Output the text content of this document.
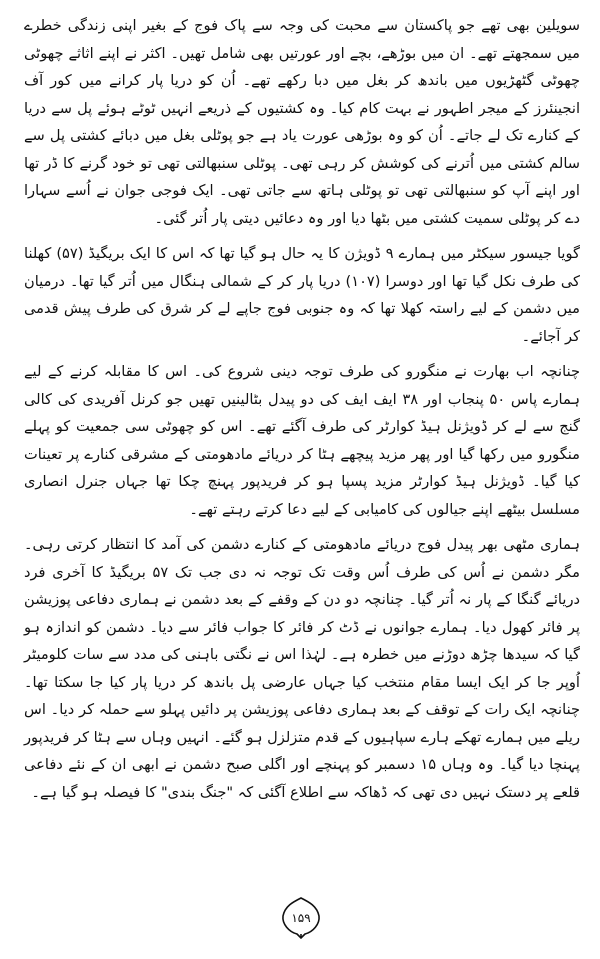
سویلین بھی تھے جو پاکستان سے محبت کی وجہ سے پاک فوج کے بغیر اپنی زندگی خطرے میں سمجھتے تھے۔ ان میں بوڑھے، بچے اور عورتیں بھی شامل تھیں۔ اکثر نے اپنے اثاثے چھوٹی چھوٹی گٹھڑیوں میں باندھ کر بغل میں دبا رکھے تھے۔ اُن کو دریا پار کرانے میں کور آف انجینئرز کے میجر اطہور نے بہت کام کیا۔ وہ کشتیوں کے ذریعے انہیں ٹوٹے ہوئے پل سے دریا کے کنارے تک لے جاتے۔ اُن کو وہ بوڑھی عورت یاد ہے جو پوٹلی بغل میں دبائے کشتی پل سے سالم کشتی میں اُترنے کی کوشش کر رہی تھی۔ پوٹلی سنبھالتی تھی تو خود گرنے کا ڈر تھا اور اپنے آپ کو سنبھالتی تھی تو پوٹلی ہاتھ سے جاتی تھی۔ ایک فوجی جوان نے اُسے سہارا دے کر پوٹلی سمیت کشتی میں بٹھا دیا اور وہ دعائیں دیتی پار اُتر گئی۔

گویا جیسور سیکٹر میں ہمارے ۹ ڈویژن کا یہ حال ہو گیا تھا کہ اس کا ایک بریگیڈ (۵۷) کھلنا کی طرف نکل گیا تھا اور دوسرا (۱۰۷) دریا پار کر کے شمالی ہنگال میں اُتر گیا تھا۔ درمیان میں دشمن کے لیے راستہ کھلا تھا کہ وہ جنوبی فوج جاپے لے کر شرق کی طرف پیش قدمی کر آجائے۔

چنانچہ اب بھارت نے منگورو کی طرف توجہ دینی شروع کی۔ اس کا مقابلہ کرنے کے لیے ہمارے پاس ۵۰ پنجاب اور ۳۸ ایف ایف کی دو پیدل بٹالینیں تھیں جو کرنل آفریدی کی کالی گنج سے لے کر ڈویژنل ہیڈ کوارٹر کی طرف آگئے تھے۔ اس کو چھوٹی سی جمعیت کو پہلے منگورو میں رکھا گیا اور پھر مزید پیچھے ہٹا کر دریائے مادھومتی کے مشرقی کنارے پر تعینات کیا گیا۔ ڈویژنل ہیڈ کوارٹر مزید پسپا ہو کر فریدپور پہنچ چکا تھا جہاں جنرل انصاری مسلسل بیٹھے اپنے جیالوں کی کامیابی کے لیے دعا کرتے رہتے تھے۔

ہماری مٹھی بھر پیدل فوج دریائے مادھومتی کے کنارے دشمن کی آمد کا انتظار کرتی رہی۔ مگر دشمن نے اُس کی طرف اُس وقت تک توجہ نہ دی جب تک ۵۷ بریگیڈ کا آخری فرد دریائے گنگا کے پار نہ اُتر گیا۔ چنانچہ دو دن کے وقفے کے بعد دشمن نے ہماری دفاعی پوزیشن پر فائر کھول دیا۔ ہمارے جوانوں نے ڈٹ کر فائر کا جواب فائر سے دیا۔ دشمن کو اندازہ ہو گیا کہ سیدھا چڑھ دوڑنے میں خطرہ ہے۔ لہٰذا اس نے نگتی باہنی کی مدد سے سات کلومیٹر اُوپر جا کر ایک ایسا مقام منتخب کیا جہاں عارضی پل باندھ کر دریا پار کیا جا سکتا تھا۔ چنانچہ ایک رات کے توقف کے بعد ہماری دفاعی پوزیشن پر دائیں پہلو سے حملہ کر دیا۔ اس ریلے میں ہمارے تھکے ہارے سپاہیوں کے قدم متزلزل ہو گئے۔ انہیں وہاں سے ہٹا کر فریدپور پہنچا دیا گیا۔ وہ وہاں ۱۵ دسمبر کو پہنچے اور اگلی صبح دشمن نے ابھی ان کے نئے دفاعی قلعے پر دستک نہیں دی تھی کہ ڈھاکہ سے اطلاع آگئی کہ "جنگ بندی" کا فیصلہ ہو گیا ہے۔

۱۵۹
